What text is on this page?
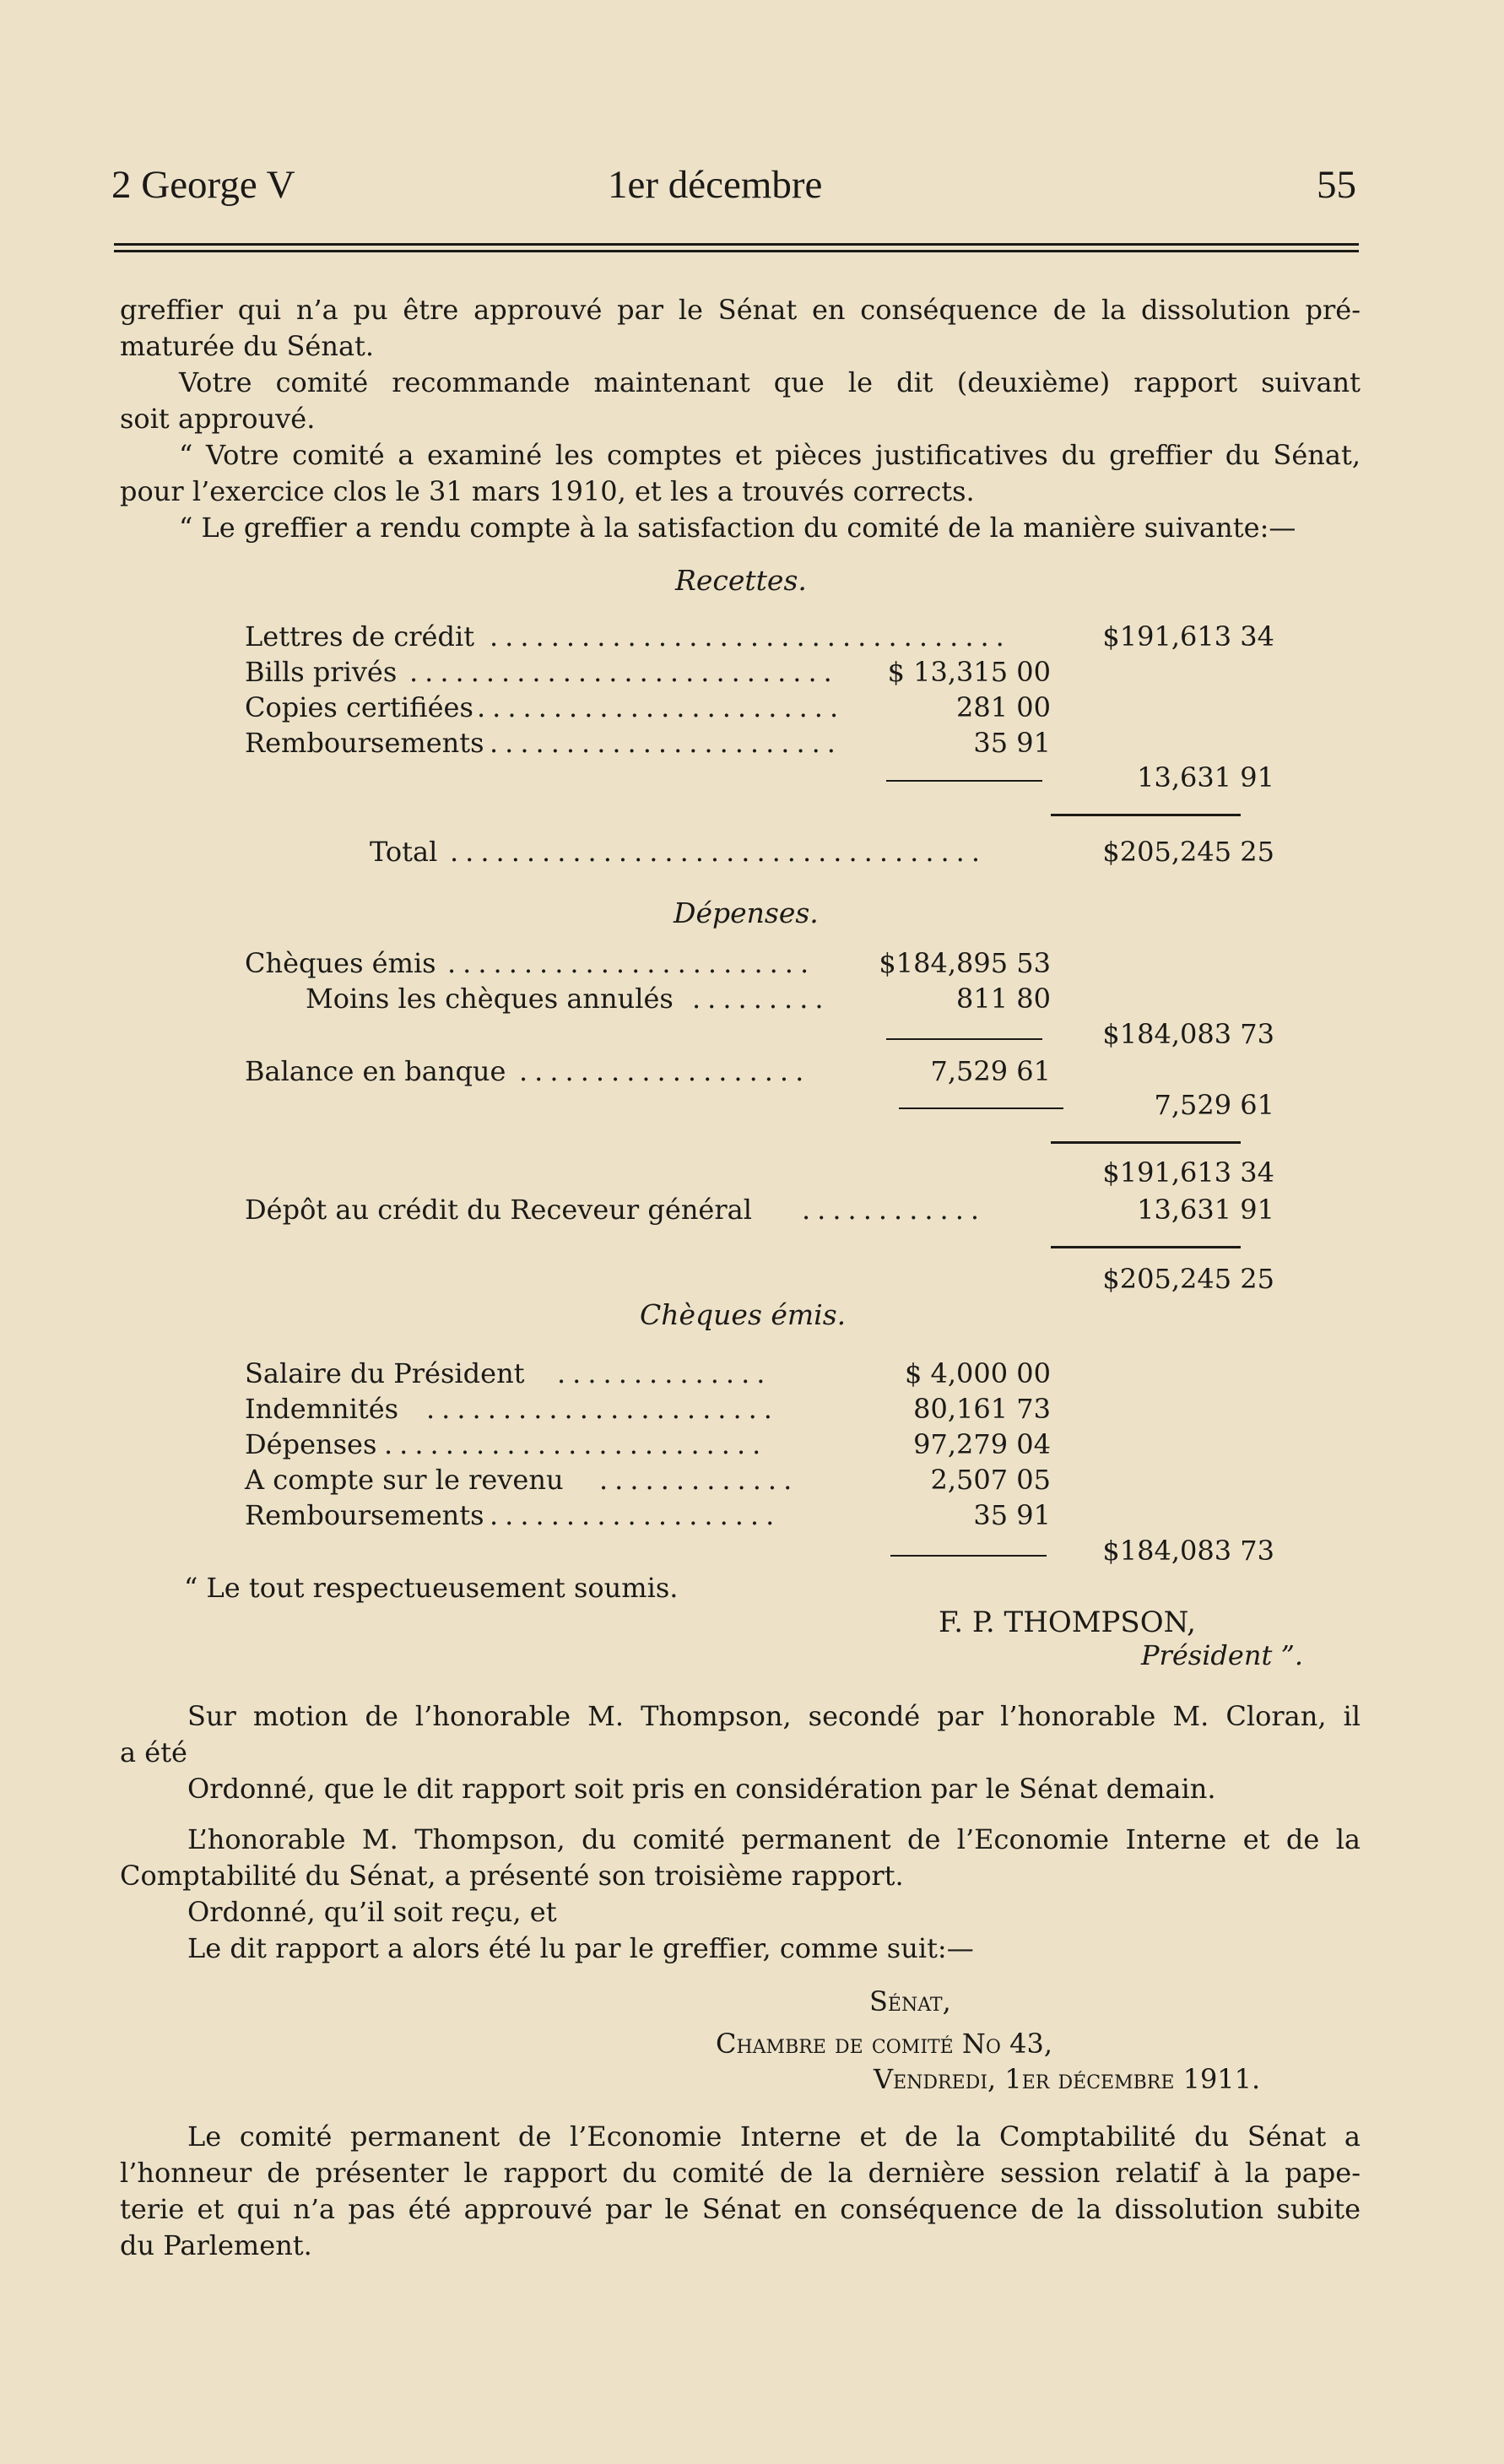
2 George V	1er décembre	55
greffier qui n’a pu être approuvé par le Sénat en conséquence de la dissolution pré-
maturée du Sénat.
Votre comité recommande maintenant que le dit (deuxième) rapport suivant
soit approuvé.
“ Votre comité a examiné les comptes et pièces justificatives du greffier du Sénat,
pour l’exercice clos le 31 mars 1910, et les a trouvés corrects.
“ Le greffier a rendu compte à la satisfaction du comité de la manière suivante:—
Recettes.
Lettres de crédit ..................................	$191,613 34
Bills privés ............................	$ 13,315 00
Copies certifiées ........................	281 00
Remboursements .......................	35 91
13,631 91
Total ...................................	$205,245 25
Dépenses.
Chèques émis ........................	$184,895 53
Moins les chèques annulés .........	811 80
$184,083 73
Balance en banque ...................	7,529 61
7,529 61
$191,613 34
Dépôt au crédit du Receveur général ............	13,631 91
$205,245 25
Chèques émis.
Salaire du Président ..............	$ 4,000 00
Indemnités .......................	80,161 73
Dépenses .........................	97,279 04
A compte sur le revenu .............	2,507 05
Remboursements ...................	35 91
$184,083 73
“ Le tout respectueusement soumis.
F. P. THOMPSON,
Président ”.
Sur motion de l’honorable M. Thompson, secondé par l’honorable M. Cloran, il
a été
Ordonné, que le dit rapport soit pris en considération par le Sénat demain.
L’honorable M. Thompson, du comité permanent de l’Economie Interne et de la
Comptabilité du Sénat, a présenté son troisième rapport.
Ordonné, qu’il soit reçu, et
Le dit rapport a alors été lu par le greffier, comme suit:—
Sénat,
Chambre de comité No 43,
Vendredi, 1er décembre 1911.
Le comité permanent de l’Economie Interne et de la Comptabilité du Sénat a
l’honneur de présenter le rapport du comité de la dernière session relatif à la pape-
terie et qui n’a pas été approuvé par le Sénat en conséquence de la dissolution subite
du Parlement.
